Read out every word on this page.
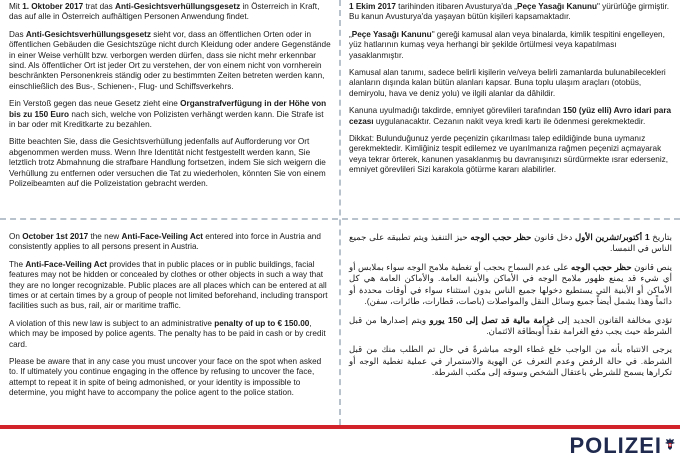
Mit 1. Oktober 2017 trat das Anti-Gesichtsverhüllungsgesetz in Österreich in Kraft, das auf alle in Österreich aufhältigen Personen Anwendung findet.

Das Anti-Gesichtsverhüllungsgesetz sieht vor, dass an öffentlichen Orten oder in öffentlichen Gebäuden die Gesichtszüge nicht durch Kleidung oder andere Gegenstände in einer Weise verhüllt bzw. verborgen werden dürfen, dass sie nicht mehr erkennbar sind. Als öffentlicher Ort ist jeder Ort zu verstehen, der von einem nicht von vornherein beschränkten Personenkreis ständig oder zu bestimmten Zeiten betreten werden kann, einschließlich des Bus-, Schienen-, Flug- und Schiffsverkehrs.

Ein Verstoß gegen das neue Gesetz zieht eine Organstrafverfügung in der Höhe von bis zu 150 Euro nach sich, welche von Polizisten verhängt werden kann. Die Strafe ist in bar oder mit Kreditkarte zu bezahlen.

Bitte beachten Sie, dass die Gesichtsverhüllung jedenfalls auf Aufforderung vor Ort abgenommen werden muss. Wenn Ihre Identität nicht festgestellt werden kann, Sie letztlich trotz Abmahnung die strafbare Handlung fortsetzen, indem Sie sich weigern die Verhüllung zu entfernen oder versuchen die Tat zu wiederholen, könnten Sie von einem Polizeibeamten auf die Polizeistation gebracht werden.

1 Ekim 2017 tarihinden itibaren Avusturya'da „Peçe Yasağı Kanunu" yürürlüğe girmiştir. Bu kanun Avusturya'da yaşayan bütün kişileri kapsamaktadır.

„Peçe Yasağı Kanunu" gereği kamusal alan veya binalarda, kimlik tespitini engelleyen, yüz hatlarının kumaş veya herhangi bir şekilde örtülmesi veya kapatılması yasaklanmıştır.

Kamusal alan tanımı, sadece belirli kişilerin ve/veya belirli zamanlarda bulunabilecekleri alanların dışında kalan bütün alanları kapsar. Buna toplu ulaşım araçları (otobüs, demiryolu, hava ve deniz yolu) ve ilgili alanlar da dâhildir.

Kanuna uyulmadığı takdirde, emniyet görevlileri tarafından 150 (yüz elli) Avro idari para cezası uygulanacaktır. Cezanın nakit veya kredi kartı ile ödenmesi gerekmektedir.

Dikkat: Bulunduğunuz yerde peçenizin çıkarılması talep edildiğinde buna uymanız gerekmektedir. Kimliğiniz tespit edilemez ve uyarılmanıza rağmen peçenizi açmayarak veya tekrar örterek, kanunen yasaklanmış bu davranışınızı sürdürmekte ısrar ederseniz, emniyet görevlileri Sizi karakola götürme kararı alabilirler.

On October 1st 2017 the new Anti-Face-Veiling Act entered into force in Austria and consistently applies to all persons present in Austria.

The Anti-Face-Veiling Act provides that in public places or in public buildings, facial features may not be hidden or concealed by clothes or other objects in such a way that they are no longer recognizable. Public places are all places which can be entered at all times or at certain times by a group of people not limited beforehand, including transport facilities such as bus, rail, air or maritime traffic.

A violation of this new law is subject to an administrative penalty of up to € 150.00, which may be imposed by police agents. The penalty has to be paid in cash or by credit card.

Please be aware that in any case you must uncover your face on the spot when asked to. If ultimately you continue engaging in the offence by refusing to uncover the face, attempt to repeat it in spite of being admonished, or your identity is impossible to determine, you might have to accompany the police agent to the police station.

بتاريخ 1 أكتوبر/تشرين الأول دخل قانون حظر حجب الوجه حيز التنفيذ ويتم تطبيقه على جميع الناس في النمسا.

ينص قانون حظر حجب الوجه على عدم السماح بحجب أو تغطية ملامح الوجه سواء بملابس أو أي شيء قد يمنع ظهور ملامح الوجه في الأماكن والأبنية العامة. والأماكن العامة هي كل الأماكن أو الأبنية التي يستطيع دخولها جميع الناس بدون استثناء سواء في أوقات محددة أو دائماً وهذا يشمل أيضاً جميع وسائل النقل والمواصلات (باصات، قطارات، طائرات، سفن).

تؤدي مخالفة القانون الجديد إلى غرامة مالية قد تصل إلى 150 يورو ويتم إصدارها من قبل الشرطة حيث يجب دفع الغرامة نقداً أوبطاقة الائتمان.

يرجى الانتباه بأنه من الواجب خلع غطاء الوجه مباشرةً في حال تم الطلب منك من قبل الشرطة. في حالة الرفض وعدم التعرف عن الهوية والاستمرار في عملية تغطية الوجه أو تكرارها يسمح للشرطي باعتقال الشخص وسوقه إلى مكتب الشرطة.

POLIZEI
